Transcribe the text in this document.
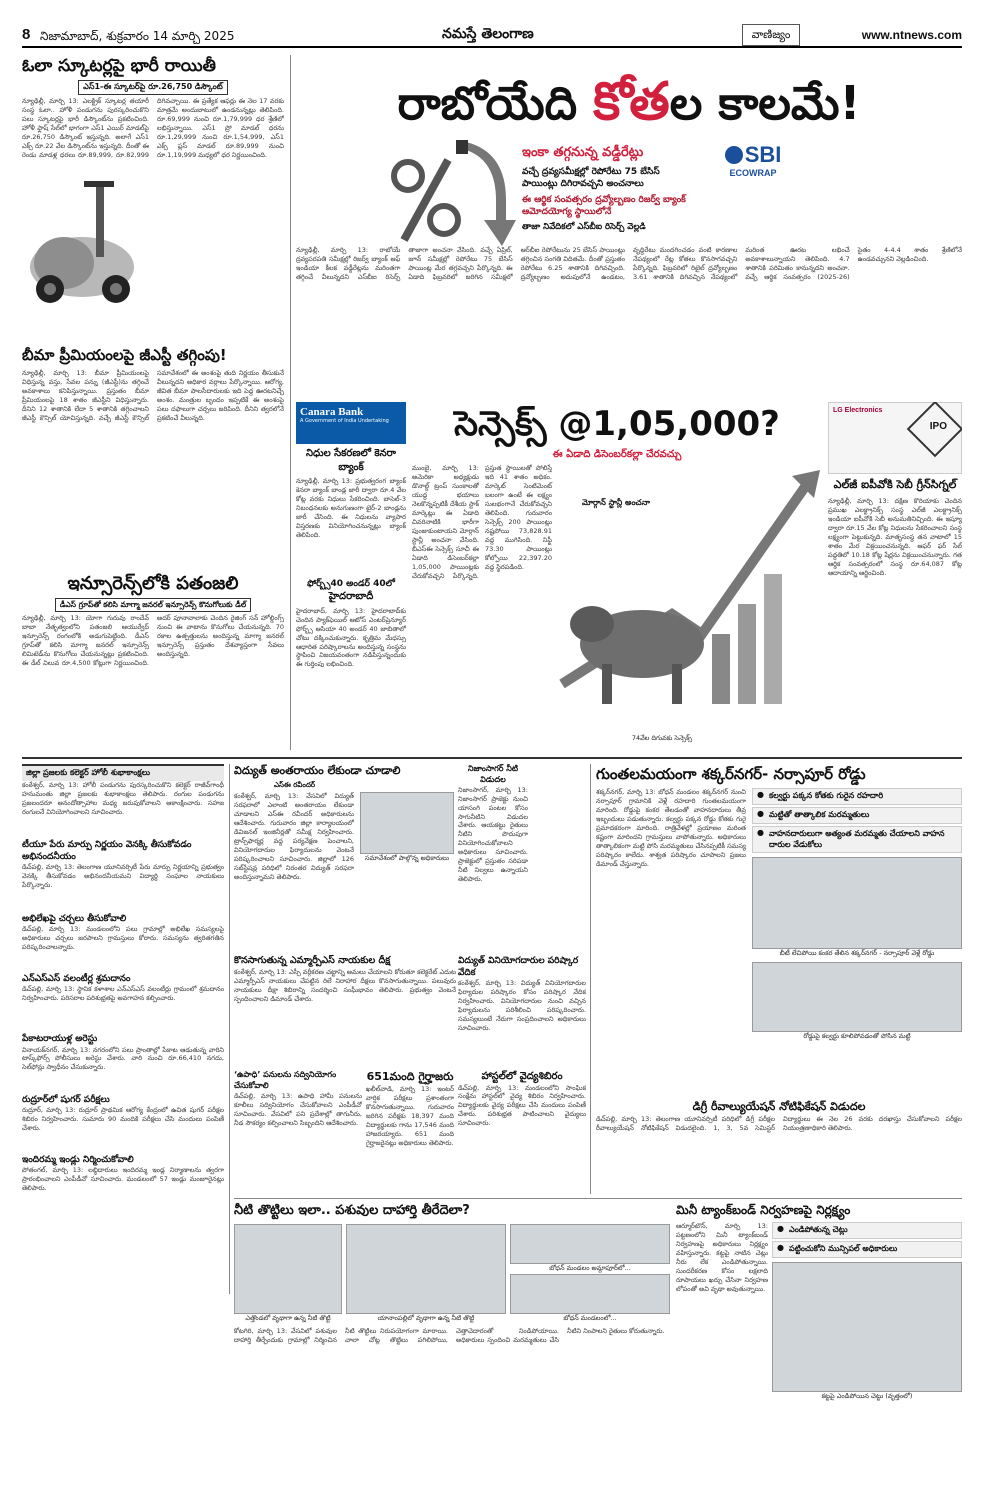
8 నిజామాబాద్, శుక్రవారం 14 మార్చి 2025	నమస్తే తెలంగాణ	వాణిజ్యం	www.ntnews.com
ఓలా స్కూటర్లపై భారీ రాయితీ
ఎస్1-ఈ స్కూటర్‌పై రూ.26,750 డిస్కౌంట్
న్యూఢిల్లీ, మార్చి 13: ఎలక్ట్రిక్ స్కూటర్ల తయారీ సంస్థ ఓలా.. హోళీ పండుగను పురస్కరించుకొని పలు స్కూటర్లపై భారీ డిస్కౌంట్‌ను ప్రకటించింది. హోళీ ఫ్లాష్ సేల్‌లో భాగంగా ఎస్1 ఎయిర్ మాడల్‌పై రూ.26,750 డిస్కౌంట్ ఇస్తున్నది. అలాగే ఎస్1 ఎక్స్ రూ.22 వేల డిస్కౌంట్‌ను ఇస్తున్నది. దీంతో ఈ రెండు మాడళ్ల ధరలు రూ.89,999, రూ.82,999 దిగివచ్చాయి. ఈ ప్రత్యేక ఆఫర్లు ఈ నెల 17 వరకు మాత్రమే అందుబాటులో ఉండనున్నట్లు తెలిపింది. రూ.69,999 నుంచి రూ.1,79,999 ధర శ్రేణిలో లభిస్తున్నాయి. ఎస్1 ప్రో మాడల్ ధరను రూ.1,29,999 నుంచి రూ.1,54,999, ఎస్1 ఎక్స్ ప్లస్ మాడల్ రూ.89,999 నుంచి రూ.1,19,999 మధ్యలో ధర నిర్ణయించింది.
బీమా ప్రీమియంలపై జీఎస్టీ తగ్గింపు!
న్యూఢిల్లీ, మార్చి 13: బీమా ప్రీమియంలపై విధిస్తున్న వస్తు, సేవల పన్ను (జీఎస్టీ)ను తగ్గించే అవకాశాలు కనిపిస్తున్నాయి. ప్రస్తుతం బీమా ప్రీమియంలపై 18 శాతం జీఎస్టీని విధిస్తున్నారు. దీనిని 12 శాతానికి లేదా 5 శాతానికి తగ్గించాలని జీఎస్టీ కౌన్సిల్ యోచిస్తున్నది. వచ్చే జీఎస్టీ కౌన్సిల్ సమావేశంలో ఈ అంశంపై తుది నిర్ణయం తీసుకునే వీలున్నదని అధికార వర్గాలు పేర్కొన్నాయి. ఆరోగ్య, జీవిత బీమా పాలసీదారులకు ఇది పెద్ద ఊరటనిచ్చే అంశం. మంత్రుల బృందం ఇప్పటికే ఈ అంశంపై పలు దఫాలుగా చర్చలు జరిపింది. దీనిని త్వరలోనే ప్రకటించే వీలున్నది.
ఇన్సూరెన్స్‌లోకి పతంజలి
డీఎస్ గ్రూప్‌తో కలిసి మాగ్మా జనరల్ ఇన్సూరెన్స్ కొనుగోలుకు డీల్
న్యూఢిల్లీ, మార్చి 13: యోగా గురువు రాందేవ్ బాబా నేతృత్వంలోని పతంజలి ఆయుర్వేద్ ఇన్సూరెన్స్ రంగంలోకి అడుగుపెట్టింది. డీఎస్ గ్రూప్‌తో కలిసి మాగ్మా జనరల్ ఇన్సూరెన్స్ లిమిటెడ్‌ను కొనుగోలు చేయనున్నట్లు ప్రకటించింది. ఈ డీల్ విలువ రూ.4,500 కోట్లుగా నిర్ణయించింది. అదర్ పూనావాలాకు చెందిన రైజింగ్ సన్ హోల్డింగ్స్ నుంచి ఈ వాటాను కొనుగోలు చేయనున్నది. 70 రకాల ఉత్పత్తులను అందిస్తున్న మాగ్మా జనరల్ ఇన్సూరెన్స్ ప్రస్తుతం దేశవ్యాప్తంగా సేవలు అందిస్తున్నది.
రాబోయేది కోతల కాలమే!
ఇంకా తగ్గనున్న వడ్డీరేట్లు
వచ్చే ద్రవ్యసమీక్షల్లో రెపోరేటు 75 బేసిస్ పాయింట్లు దిగిరావచ్చని అంచనాలు
ఈ ఆర్థిక సంవత్సరం ద్రవ్యోల్బణం రిజర్వ్ బ్యాంక్ ఆమోదయోగ్య స్థాయిలోనే
తాజా నివేదికలో ఎస్‌బీఐ రిసెర్చ్ వెల్లడి
SBI
ECOWRAP
న్యూఢిల్లీ, మార్చి 13: రాబోయే ద్రవ్యపరపతి సమీక్షల్లో రిజర్వ్ బ్యాంక్ ఆఫ్ ఇండియా కీలక వడ్డీరేట్లను మరింతగా తగ్గించే వీలున్నదని ఎస్‌బీఐ రిసెర్చ్ తాజాగా అంచనా వేసింది. వచ్చే ఏప్రిల్, జూన్ సమీక్షల్లో రెపోరేటు 75 బేసిస్ పాయింట్ల మేర తగ్గవచ్చని పేర్కొన్నది. ఈ ఏడాది ఫిబ్రవరిలో జరిగిన సమీక్షలో ఆర్‌బీఐ రెపోరేటును 25 బేసిస్ పాయింట్లు తగ్గించిన సంగతి విదితమే. దీంతో ప్రస్తుతం రెపోరేటు 6.25 శాతానికి దిగివచ్చింది. ద్రవ్యోల్బణం అదుపులోనే ఉండటం, వృద్ధిరేటు మందగించడం వంటి కారణాల నేపథ్యంలో రేట్ల కోతలు కొనసాగవచ్చని పేర్కొన్నది. ఫిబ్రవరిలో రిటైల్ ద్రవ్యోల్బణం 3.61 శాతానికి దిగివచ్చిన నేపథ్యంలో మరింత ఊరట లభించే అవకాశాలున్నాయని తెలిపింది. 4.7 శాతానికి పరిమితం కానున్నదని అంచనా. వచ్చే ఆర్థిక సంవత్సరం (2025-26) సైతం 4-4.4 శాతం శ్రేణిలోనే ఉండవచ్చునని వెల్లడించింది.
Canara Bank
A Government of India Undertaking
నిధుల సేకరణలో కెనరా బ్యాంక్
న్యూఢిల్లీ, మార్చి 13: ప్రభుత్వరంగ బ్యాంక్ కెనరా బ్యాంక్ బాండ్ల జారీ ద్వారా రూ.4 వేల కోట్ల వరకు నిధులు సేకరించింది. బాసెల్-3 నిబంధనలకు అనుగుణంగా టైర్-2 బాండ్లను జారీ చేసింది. ఈ నిధులను వ్యాపార విస్తరణకు వినియోగించనున్నట్లు బ్యాంక్ తెలిపింది.
ఫోర్బ్స్‌40 అండర్ 40లో
హైదరాబాదీ
హైదరాబాద్, మార్చి 13: హైదరాబాద్‌కు చెందిన ప్యాక్‌ఫెయిల్ ఆటోస్ ఎంటర్‌ప్రెన్యూర్‌ ఫోర్బ్స్ ఆసియా 40 అండర్ 40 జాబితాలో చోటు దక్కించుకున్నారు. కృత్రిమ మేధస్సు ఆధారిత పరిష్కారాలను అందిస్తున్న సంస్థను స్థాపించి విజయవంతంగా నడిపిస్తున్నందుకు ఈ గుర్తింపు లభించింది.
సెన్సెక్స్ @1,05,000?
ఈ ఏడాది డిసెంబర్‌కల్లా చేరవచ్చు
మోర్గాన్ స్టాన్లీ అంచనా
ముంబై, మార్చి 13: అమెరికా అధ్యక్షుడు డొనాల్డ్ ట్రంప్ సుంకాలతో యుద్ధ భయాలు నెలకొన్నప్పటికీ దేశీయ స్టాక్ మార్కెట్లు ఈ ఏడాది చివరినాటికి భారీగా పుంజుకుంటాయని మోర్గాన్ స్టాన్లీ అంచనా వేసింది. బీఎస్‌ఈ సెన్సెక్స్ సూచీ ఈ ఏడాది డిసెంబర్‌కల్లా 1,05,000 పాయింట్లకు చేరుకోవచ్చని పేర్కొన్నది. ప్రస్తుత స్థాయిలతో పోలిస్తే ఇది 41 శాతం అధికం. మార్కెట్ సెంటిమెంట్ బలంగా ఉంటే ఈ లక్ష్యం సులభంగానే చేరుకోవచ్చని తెలిపింది. గురువారం సెన్సెక్స్ 200 పాయింట్లు నష్టపోయి 73,828.91 వద్ద ముగిసింది. నిఫ్టీ 73.30 పాయింట్లు కోల్పోయి 22,397.20 వద్ద స్థిరపడింది.
74వేల దిగువకు సెన్సెక్స్
LG Electronics
IPO
ఎల్‌జీ ఐపీవోకి సెబీ గ్రీన్‌సిగ్నల్
న్యూఢిల్లీ, మార్చి 13: దక్షిణ కొరియాకు చెందిన ప్రముఖ ఎలక్ట్రానిక్స్ సంస్థ ఎల్‌జీ ఎలక్ట్రానిక్స్ ఇండియా ఐపీవోకి సెబీ అనుమతినిచ్చింది. ఈ ఇష్యూ ద్వారా రూ.15 వేల కోట్ల నిధులను సేకరించాలని సంస్థ లక్ష్యంగా పెట్టుకున్నది. మాతృసంస్థ తన వాటాలో 15 శాతం మేర విక్రయించనున్నది. ఆఫర్ ఫర్ సేల్ పద్ధతిలో 10.18 కోట్ల షేర్లను విక్రయించనున్నారు. గత ఆర్థిక సంవత్సరంలో సంస్థ రూ.64,087 కోట్ల ఆదాయాన్ని ఆర్జించింది.
జిల్లా ప్రజలకు కలెక్టర్ హోలీ శుభాకాంక్షలు
కంఠేశ్వర్, మార్చి 13: హోలీ పండుగను పురస్కరించుకొని కలెక్టర్ రాజీవ్‌గాంధీ హనుమంతు జిల్లా ప్రజలకు శుభాకాంక్షలు తెలిపారు. రంగుల పండుగను ప్రజలందరూ ఆనందోత్సాహాల మధ్య జరుపుకోవాలని ఆకాంక్షించారు. సహజ రంగులనే వినియోగించాలని సూచించారు.
టీయూ పేరు మార్పు నిర్ణయం వెనక్కి తీసుకోవడం అభినందనీయం
డిచ్‌పల్లి, మార్చి 13: తెలంగాణ యూనివర్సిటీ పేరు మార్పు నిర్ణయాన్ని ప్రభుత్వం వెనక్కి తీసుకోవడం అభినందనీయమని విద్యార్థి సంఘాల నాయకులు పేర్కొన్నారు.
అభిలేఖపై చర్చలు తీసుకోవాలి
డిచ్‌పల్లి, మార్చి 13: మండలంలోని పలు గ్రామాల్లో అభిలేఖ సమస్యలపై అధికారులు చర్చలు జరపాలని గ్రామస్తులు కోరారు. సమస్యను త్వరితగతిన పరిష్కరించాలన్నారు.
ఎన్‌ఎస్‌ఎస్ వలంటీర్ల శ్రమదానం
డిచ్‌పల్లి, మార్చి 13: స్థానిక కళాశాల ఎన్‌ఎస్‌ఎస్ వలంటీర్లు గ్రామంలో శ్రమదానం నిర్వహించారు. పరిసరాల పరిశుభ్రతపై అవగాహన కల్పించారు.
పేకాటరాయుళ్ల అరెస్టు
వినాయక్‌నగర్, మార్చి 13: నగరంలోని పలు ప్రాంతాల్లో పేకాట ఆడుతున్న వారిని టాస్క్‌ఫోర్స్ పోలీసులు అరెస్టు చేశారు. వారి నుంచి రూ.66,410 నగదు, సెల్‌ఫోన్లు స్వాధీనం చేసుకున్నారు.
రుద్రూర్‌లో షుగర్ పరీక్షలు
రుద్రూర్, మార్చి 13: రుద్రూర్ ప్రాథమిక ఆరోగ్య కేంద్రంలో ఉచిత షుగర్ పరీక్షల శిబిరం నిర్వహించారు. సుమారు 90 మందికి పరీక్షలు చేసి మందులు పంపిణీ చేశారు.
ఇందిరమ్మ ఇండ్లు నిర్మించుకోవాలి
పోతంగల్, మార్చి 13: లబ్ధిదారులు ఇందిరమ్మ ఇండ్ల నిర్మాణాలను త్వరగా ప్రారంభించాలని ఎంపీడీవో సూచించారు. మండలంలో 57 ఇండ్లు మంజూరైనట్లు తెలిపారు.
విద్యుత్ అంతరాయం లేకుండా చూడాలి
ఎస్‌ఈ రవీందర్
కంఠేశ్వర్, మార్చి 13: వేసవిలో విద్యుత్ సరఫరాలో ఎలాంటి అంతరాయం లేకుండా చూడాలని ఎస్‌ఈ రవీందర్ అధికారులను ఆదేశించారు. గురువారం జిల్లా కార్యాలయంలో డివిజనల్ ఇంజినీర్లతో సమీక్ష నిర్వహించారు. ట్రాన్స్‌ఫార్మర్ల వద్ద పర్యవేక్షణ పెంచాలని, వినియోగదారుల ఫిర్యాదులను వెంటనే పరిష్కరించాలని సూచించారు. జిల్లాలో 126 సబ్‌స్టేషన్ల పరిధిలో నిరంతర విద్యుత్ సరఫరా అందిస్తున్నామని తెలిపారు.
సమావేశంలో పాల్గొన్న అధికారులు
నిజాంసాగర్ నీటి విడుదల
నిజాంసాగర్, మార్చి 13: నిజాంసాగర్ ప్రాజెక్టు నుంచి యాసంగి పంటల కోసం సాగునీటిని విడుదల చేశారు. ఆయకట్టు రైతులు నీటిని పొదుపుగా వినియోగించుకోవాలని అధికారులు సూచించారు. ప్రాజెక్టులో ప్రస్తుతం సరిపడా నీటి నిల్వలు ఉన్నాయని తెలిపారు.
కొనసాగుతున్న ఎమ్మార్పీఎస్ నాయకుల దీక్ష
కంఠేశ్వర్, మార్చి 13: ఎస్సీ వర్గీకరణ చట్టాన్ని అమలు చేయాలని కోరుతూ కలెక్టరేట్ ఎదుట ఎమ్మార్పీఎస్ నాయకులు చేపట్టిన రిలే నిరాహార దీక్షలు కొనసాగుతున్నాయి. పలువురు నాయకులు దీక్షా శిబిరాన్ని సందర్శించి సంఘీభావం తెలిపారు. ప్రభుత్వం వెంటనే స్పందించాలని డిమాండ్ చేశారు.
విద్యుత్ వినియోగదారుల పరిష్కార వేదిక
కంఠేశ్వర్, మార్చి 13: విద్యుత్ వినియోగదారుల ఫిర్యాదుల పరిష్కారం కోసం పరిష్కార వేదిక నిర్వహించారు. వినియోగదారుల నుంచి వచ్చిన ఫిర్యాదులను పరిశీలించి పరిష్కరించారు. సమస్యలుంటే నేరుగా సంప్రదించాలని అధికారులు సూచించారు.
‘ఉపాధి’ పనులను సద్వినియోగం చేసుకోవాలి
డిచ్‌పల్లి, మార్చి 13: ఉపాధి హామీ పనులను కూలీలు సద్వినియోగం చేసుకోవాలని ఎంపీడీవో సూచించారు. వేసవిలో పని ప్రదేశాల్లో తాగునీరు, నీడ సౌకర్యం కల్పించాలని సిబ్బందిని ఆదేశించారు.
651మంది గైర్హాజరు
ఖలీల్‌వాడి, మార్చి 13: ఇంటర్ వార్షిక పరీక్షలు ప్రశాంతంగా కొనసాగుతున్నాయి. గురువారం జరిగిన పరీక్షకు 18,397 మంది విద్యార్థులకు గాను 17,546 మంది హాజరయ్యారు. 651 మంది గైర్హాజరైనట్లు అధికారులు తెలిపారు.
హాస్టల్‌లో వైద్యశిబిరం
డిచ్‌పల్లి, మార్చి 13: మండలంలోని సాంఘిక సంక్షేమ హాస్టల్‌లో వైద్య శిబిరం నిర్వహించారు. విద్యార్థులకు వైద్య పరీక్షలు చేసి మందులు పంపిణీ చేశారు. పరిశుభ్రత పాటించాలని వైద్యులు సూచించారు.
గుంతలమయంగా శక్కర్‌నగర్- నర్సాపూర్ రోడ్డు
శక్కర్‌నగర్, మార్చి 13: బోధన్ మండలం శక్కర్‌నగర్ నుంచి నర్సాపూర్ గ్రామానికి వెళ్లే రహదారి గుంతలమయంగా మారింది. రోడ్డుపై కంకర తేలడంతో వాహనదారులు తీవ్ర ఇబ్బందులు పడుతున్నారు. కల్వర్టు పక్కన రోడ్డు కోతకు గురై ప్రమాదకరంగా మారింది. రాత్రివేళల్లో ప్రయాణం మరింత కష్టంగా మారిందని గ్రామస్తులు వాపోతున్నారు. అధికారులు తాత్కాలికంగా మట్టి పోసి మరమ్మతులు చేసినప్పటికీ సమస్య పరిష్కారం కాలేదు. శాశ్వత పరిష్కారం చూపాలని ప్రజలు డిమాండ్ చేస్తున్నారు.
● కల్వర్టు పక్కన కోతకు గురైన రహదారి
● మట్టితో తాత్కాలిక మరమ్మతులు
● వాహనదారులుగా అత్యంత మరమ్మతు చేయాలని వాహన దారుల వేడుకోలు
బీటీ లేచిపోయి కంకర తేలిన శక్కర్‌నగర్ - నర్సాపూర్ వెళ్లే రోడ్డు
రోడ్డుపై కల్వర్టు కూలిపోవడంతో పోసిన మట్టి
డిగ్రీ రీవాల్యుయేషన్ నోటిఫికేషన్ విడుదల
డిచ్‌పల్లి, మార్చి 13: తెలంగాణ యూనివర్సిటీ పరిధిలో డిగ్రీ పరీక్షల రీవాల్యుయేషన్ నోటిఫికేషన్ విడుదలైంది. 1, 3, 5వ సెమిస్టర్ విద్యార్థులు ఈ నెల 26 వరకు దరఖాస్తు చేసుకోవాలని పరీక్షల నియంత్రణాధికారి తెలిపారు.
నీటి తొట్టిలు ఇలా.. పశువుల దాహార్తి తీరేదెలా?
ఎత్తొండలో వృథాగా ఉన్న నీటి తొట్టి	యానాంపల్లిలో వృథాగా ఉన్న నీటి తొట్టి
బోధన్ మండలం అమ్దాపూర్‌లో...
బోధన్ మండలంలో...
కోటగిరి, మార్చి 13: వేసవిలో పశువుల దాహార్తి తీర్చేందుకు గ్రామాల్లో నిర్మించిన నీటి తొట్టిలు నిరుపయోగంగా మారాయి. చాలా చోట్ల తొట్టిలు పగిలిపోయి, చెత్తాచెదారంతో నిండిపోయాయి. అధికారులు స్పందించి మరమ్మతులు చేసి నీటిని నింపాలని రైతులు కోరుతున్నారు.
మినీ ట్యాంక్‌బండ్ నిర్వహణపై నిర్లక్ష్యం
ఆర్మూర్‌టౌన్, మార్చి 13: పట్టణంలోని మినీ ట్యాంక్‌బండ్ నిర్వహణపై అధికారులు నిర్లక్ష్యం వహిస్తున్నారు. కట్టపై నాటిన చెట్లు నీరు లేక ఎండిపోతున్నాయి. సుందరీకరణ కోసం లక్షలాది రూపాయలు ఖర్చు చేసినా నిర్వహణ లోపంతో అవి వృథా అవుతున్నాయి.
● ఎండిపోతున్న చెట్లు
● పట్టించుకోని మున్సిపల్ అధికారులు
కట్టపై ఎండిపోయిన చెట్టు (వృత్తంలో)
